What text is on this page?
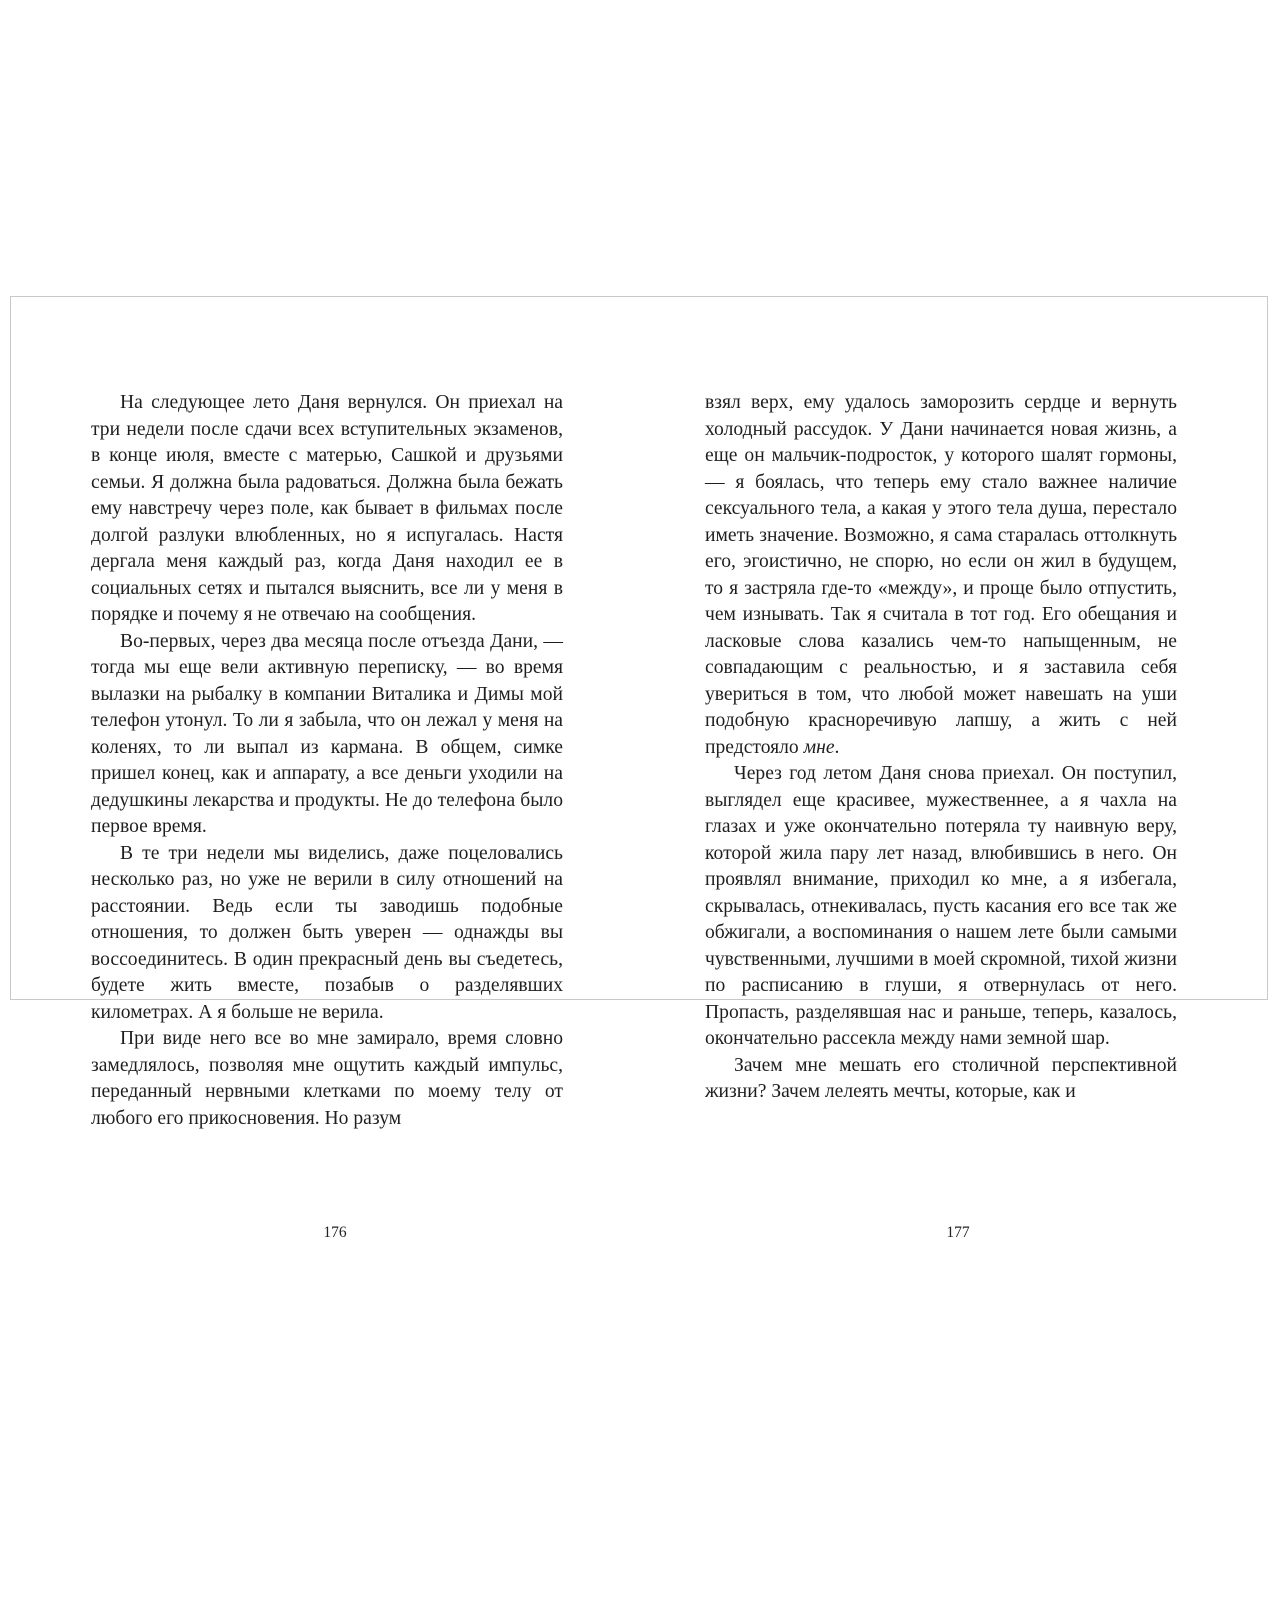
На следующее лето Даня вернулся. Он приехал на три недели после сдачи всех вступительных экзаменов, в конце июля, вместе с матерью, Сашкой и друзьями семьи. Я должна была радоваться. Должна была бежать ему навстречу через поле, как бывает в фильмах после долгой разлуки влюбленных, но я испугалась. Настя дергала меня каждый раз, когда Даня находил ее в социальных сетях и пытался выяснить, все ли у меня в порядке и почему я не отвечаю на сообщения.

Во-первых, через два месяца после отъезда Дани, — тогда мы еще вели активную переписку, — во время вылазки на рыбалку в компании Виталика и Димы мой телефон утонул. То ли я забыла, что он лежал у меня на коленях, то ли выпал из кармана. В общем, симке пришел конец, как и аппарату, а все деньги уходили на дедушкины лекарства и продукты. Не до телефона было первое время.

В те три недели мы виделись, даже поцеловались несколько раз, но уже не верили в силу отношений на расстоянии. Ведь если ты заводишь подобные отношения, то должен быть уверен — однажды вы воссоединитесь. В один прекрасный день вы съедетесь, будете жить вместе, позабыв о разделявших километрах. А я больше не верила.

При виде него все во мне замирало, время словно замедлялось, позволяя мне ощутить каждый импульс, переданный нервными клетками по моему телу от любого его прикосновения. Но разум

взял верх, ему удалось заморозить сердце и вернуть холодный рассудок. У Дани начинается новая жизнь, а еще он мальчик-подросток, у которого шалят гормоны, — я боялась, что теперь ему стало важнее наличие сексуального тела, а какая у этого тела душа, перестало иметь значение. Возможно, я сама старалась оттолкнуть его, эгоистично, не спорю, но если он жил в будущем, то я застряла где-то «между», и проще было отпустить, чем изнывать. Так я считала в тот год. Его обещания и ласковые слова казались чем-то напыщенным, не совпадающим с реальностью, и я заставила себя увериться в том, что любой может навешать на уши подобную красноречивую лапшу, а жить с ней предстояло мне.

Через год летом Даня снова приехал. Он поступил, выглядел еще красивее, мужественнее, а я чахла на глазах и уже окончательно потеряла ту наивную веру, которой жила пару лет назад, влюбившись в него. Он проявлял внимание, приходил ко мне, а я избегала, скрывалась, отнекивалась, пусть касания его все так же обжигали, а воспоминания о нашем лете были самыми чувственными, лучшими в моей скромной, тихой жизни по расписанию в глуши, я отвернулась от него. Пропасть, разделявшая нас и раньше, теперь, казалось, окончательно рассекла между нами земной шар.

Зачем мне мешать его столичной перспективной жизни? Зачем лелеять мечты, которые, как и

176	177
